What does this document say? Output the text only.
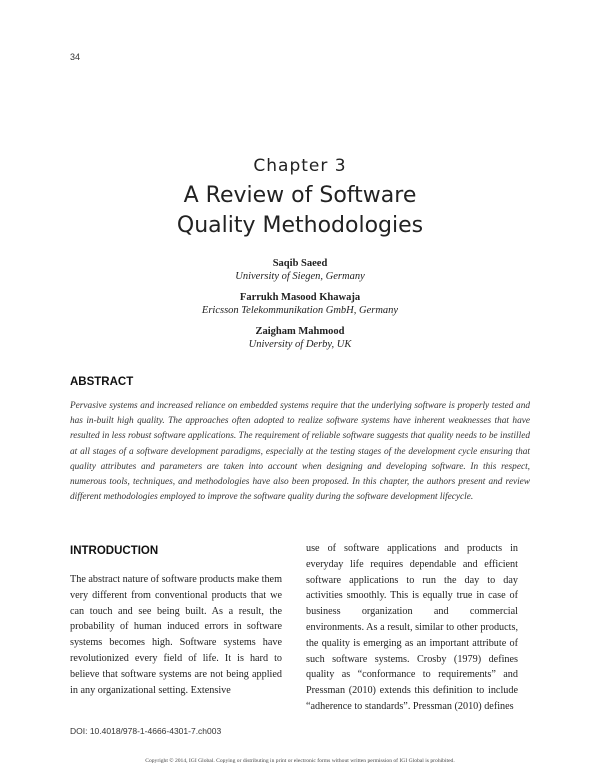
34
Chapter 3
A Review of Software
Quality Methodologies
Saqib Saeed
University of Siegen, Germany
Farrukh Masood Khawaja
Ericsson Telekommunikation GmbH, Germany
Zaigham Mahmood
University of Derby, UK
ABSTRACT
Pervasive systems and increased reliance on embedded systems require that the underlying software is properly tested and has in-built high quality. The approaches often adopted to realize software systems have inherent weaknesses that have resulted in less robust software applications. The requirement of reliable software suggests that quality needs to be instilled at all stages of a software development paradigms, especially at the testing stages of the development cycle ensuring that quality attributes and parameters are taken into account when designing and developing software. In this respect, numerous tools, techniques, and methodologies have also been proposed. In this chapter, the authors present and review different methodologies employed to improve the software quality during the software development lifecycle.
INTRODUCTION
The abstract nature of software products make them very different from conventional products that we can touch and see being built. As a result, the probability of human induced errors in software systems becomes high. Software systems have revolutionized every field of life. It is hard to believe that software systems are not being applied in any organizational setting. Extensive
use of software applications and products in everyday life requires dependable and efficient software applications to run the day to day activities smoothly. This is equally true in case of business organization and commercial environments. As a result, similar to other products, the quality is emerging as an important attribute of such software systems. Crosby (1979) defines quality as “conformance to requirements” and Pressman (2010) extends this definition to include “adherence to standards”. Pressman (2010) defines
DOI: 10.4018/978-1-4666-4301-7.ch003
Copyright © 2014, IGI Global. Copying or distributing in print or electronic forms without written permission of IGI Global is prohibited.
